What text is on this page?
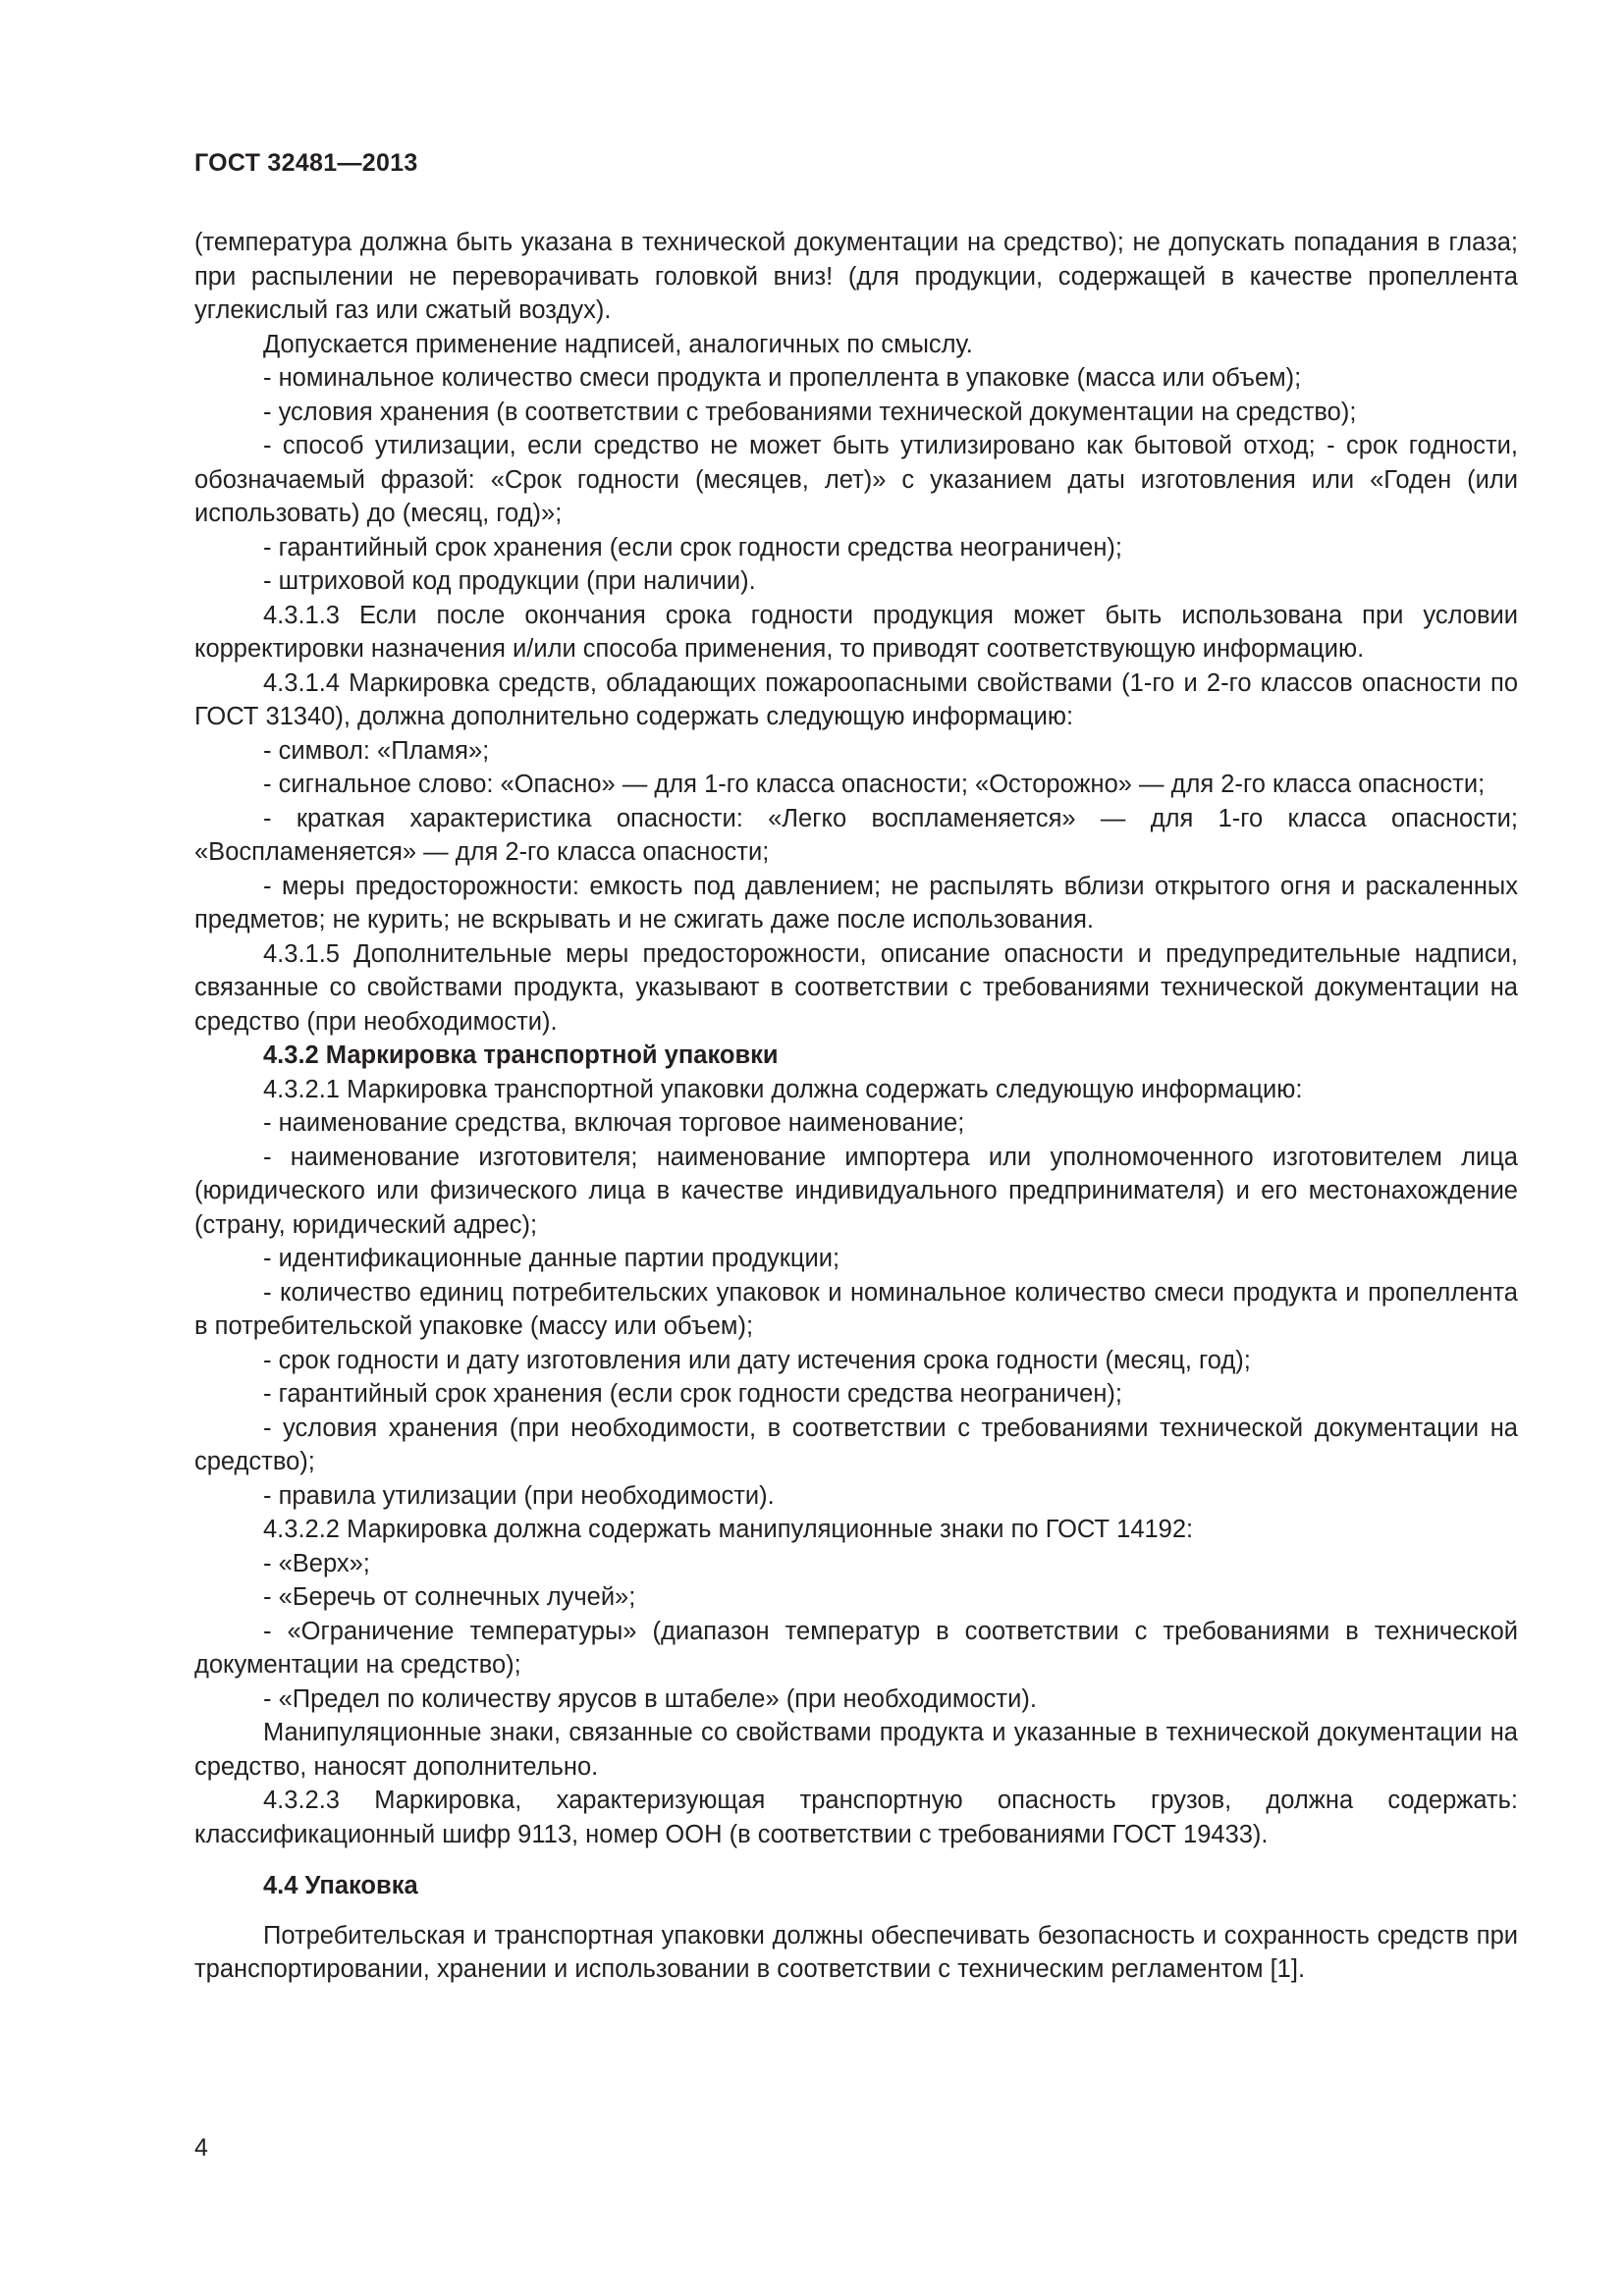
ГОСТ 32481—2013

(температура должна быть указана в технической документации на средство); не допускать попадания в глаза; при распылении не переворачивать головкой вниз! (для продукции, содержащей в качестве пропеллента углекислый газ или сжатый воздух).

Допускается применение надписей, аналогичных по смыслу.

- номинальное количество смеси продукта и пропеллента в упаковке (масса или объем);

- условия хранения (в соответствии с требованиями технической документации на средство);

- способ утилизации, если средство не может быть утилизировано как бытовой отход; - срок годности, обозначаемый фразой: «Срок годности (месяцев, лет)» с указанием даты изготовления или «Годен (или использовать) до (месяц, год)»;

- гарантийный срок хранения (если срок годности средства неограничен);

- штриховой код продукции (при наличии).

4.3.1.3 Если после окончания срока годности продукция может быть использована при условии корректировки назначения и/или способа применения, то приводят соответствующую информацию.

4.3.1.4 Маркировка средств, обладающих пожароопасными свойствами (1-го и 2-го классов опасности по ГОСТ 31340), должна дополнительно содержать следующую информацию:

- символ: «Пламя»;

- сигнальное слово: «Опасно» — для 1-го класса опасности; «Осторожно» — для 2-го класса опасности;

- краткая характеристика опасности: «Легко воспламеняется» — для 1-го класса опасности; «Воспламеняется» — для 2-го класса опасности;

- меры предосторожности: емкость под давлением; не распылять вблизи открытого огня и раскаленных предметов; не курить; не вскрывать и не сжигать даже после использования.

4.3.1.5 Дополнительные меры предосторожности, описание опасности и предупредительные надписи, связанные со свойствами продукта, указывают в соответствии с требованиями технической документации на средство (при необходимости).

4.3.2 Маркировка транспортной упаковки

4.3.2.1 Маркировка транспортной упаковки должна содержать следующую информацию:

- наименование средства, включая торговое наименование;

- наименование изготовителя; наименование импортера или уполномоченного изготовителем лица (юридического или физического лица в качестве индивидуального предпринимателя) и его местонахождение (страну, юридический адрес);

- идентификационные данные партии продукции;

- количество единиц потребительских упаковок и номинальное количество смеси продукта и пропеллента в потребительской упаковке (массу или объем);

- срок годности и дату изготовления или дату истечения срока годности (месяц, год);

- гарантийный срок хранения (если срок годности средства неограничен);

- условия хранения (при необходимости, в соответствии с требованиями технической документации на средство);

- правила утилизации (при необходимости).

4.3.2.2 Маркировка должна содержать манипуляционные знаки по ГОСТ 14192:

- «Верх»;

- «Беречь от солнечных лучей»;

- «Ограничение температуры» (диапазон температур в соответствии с требованиями в технической документации на средство);

- «Предел по количеству ярусов в штабеле» (при необходимости).

Манипуляционные знаки, связанные со свойствами продукта и указанные в технической документации на средство, наносят дополнительно.

4.3.2.3 Маркировка, характеризующая транспортную опасность грузов, должна содержать: классификационный шифр 9113, номер ООН (в соответствии с требованиями ГОСТ 19433).

4.4 Упаковка

Потребительская и транспортная упаковки должны обеспечивать безопасность и сохранность средств при транспортировании, хранении и использовании в соответствии с техническим регламентом [1].

4
